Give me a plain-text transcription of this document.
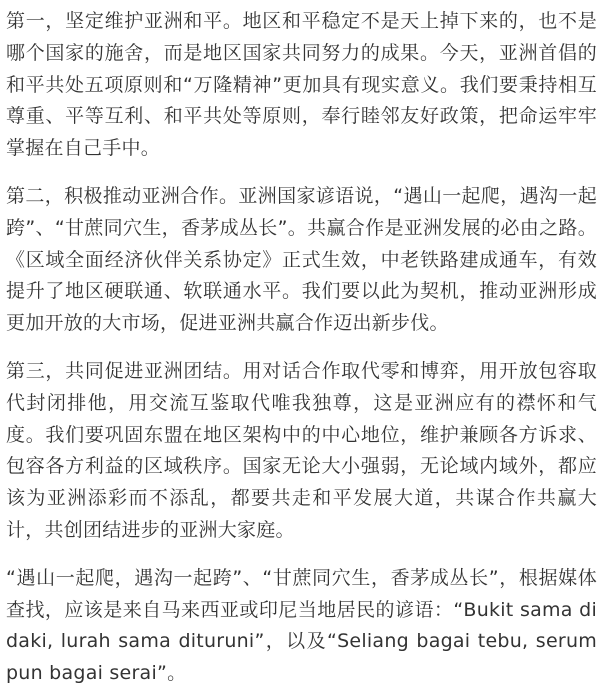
第一，坚定维护亚洲和平。地区和平稳定不是天上掉下来的，也不是哪个国家的施舍，而是地区国家共同努力的成果。今天，亚洲首倡的和平共处五项原则和“万隆精神”更加具有现实意义。我们要秉持相互尊重、平等互利、和平共处等原则，奉行睦邻友好政策，把命运牢牢掌握在自己手中。

第二，积极推动亚洲合作。亚洲国家谚语说，“遇山一起爬，遇沟一起跨”、“甘蔗同穴生，香茅成丛长”。共赢合作是亚洲发展的必由之路。《区域全面经济伙伴关系协定》正式生效，中老铁路建成通车，有效提升了地区硬联通、软联通水平。我们要以此为契机，推动亚洲形成更加开放的大市场，促进亚洲共赢合作迈出新步伐。

第三，共同促进亚洲团结。用对话合作取代零和博弈，用开放包容取代封闭排他，用交流互鉴取代唯我独尊，这是亚洲应有的襟怀和气度。我们要巩固东盟在地区架构中的中心地位，维护兼顾各方诉求、包容各方利益的区域秩序。国家无论大小强弱，无论域内域外，都应该为亚洲添彩而不添乱，都要共走和平发展大道，共谋合作共赢大计，共创团结进步的亚洲大家庭。

“遇山一起爬，遇沟一起跨”、“甘蔗同穴生，香茅成丛长”，根据媒体查找，应该是来自马来西亚或印尼当地居民的谚语：“Bukit sama didaki, lurah sama dituruni”，以及“Seliang bagai tebu, serumpun bagai serai”。
